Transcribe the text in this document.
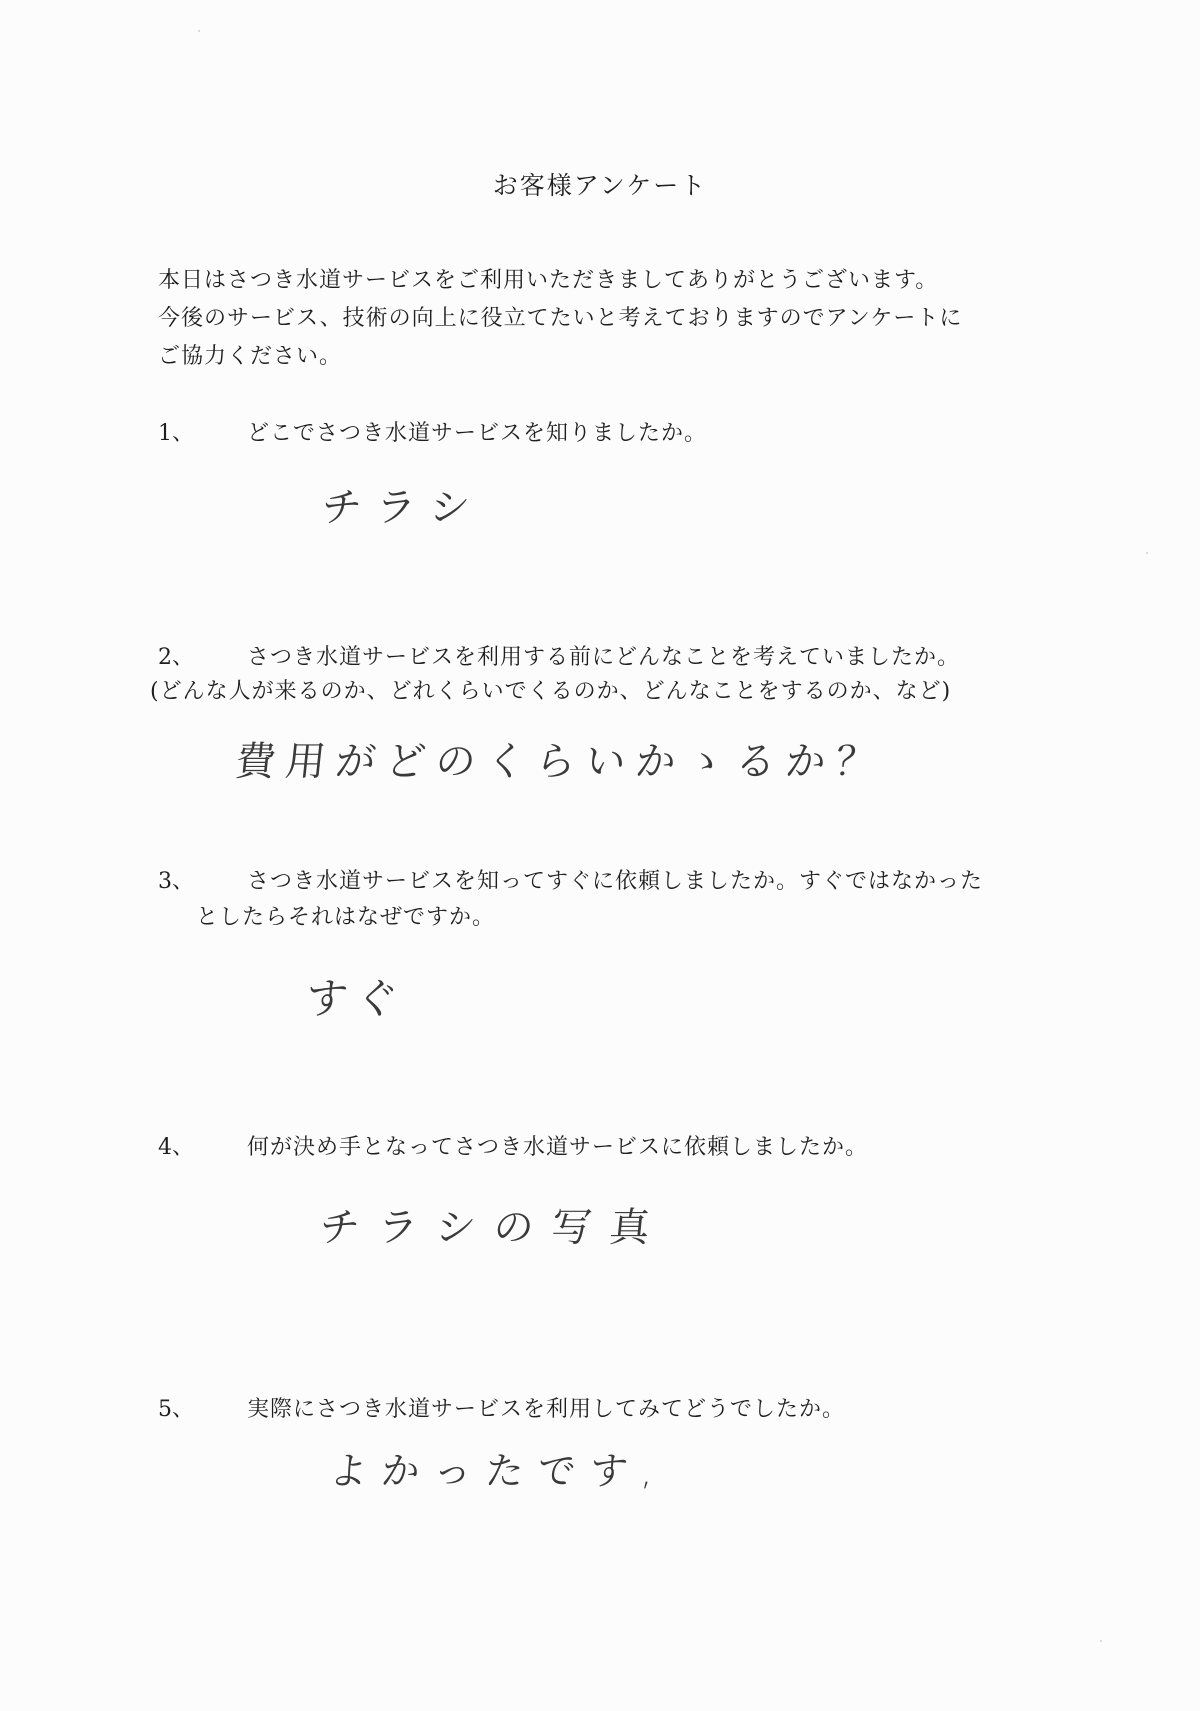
お客様アンケート
本日はさつき水道サービスをご利用いただきましてありがとうございます。
今後のサービス、技術の向上に役立てたいと考えておりますのでアンケートに
ご協力ください。
1、 どこでさつき水道サービスを知りましたか。
チラシ
2、 さつき水道サービスを利用する前にどんなことを考えていましたか。
(どんな人が来るのか、どれくらいでくるのか、どんなことをするのか、など)
費用がどのくらいかゝるか？
3、 さつき水道サービスを知ってすぐに依頼しましたか。すぐではなかった
としたらそれはなぜですか。
すぐ
4、 何が決め手となってさつき水道サービスに依頼しましたか。
チラシの写真
5、 実際にさつき水道サービスを利用してみてどうでしたか。
よかったです,
